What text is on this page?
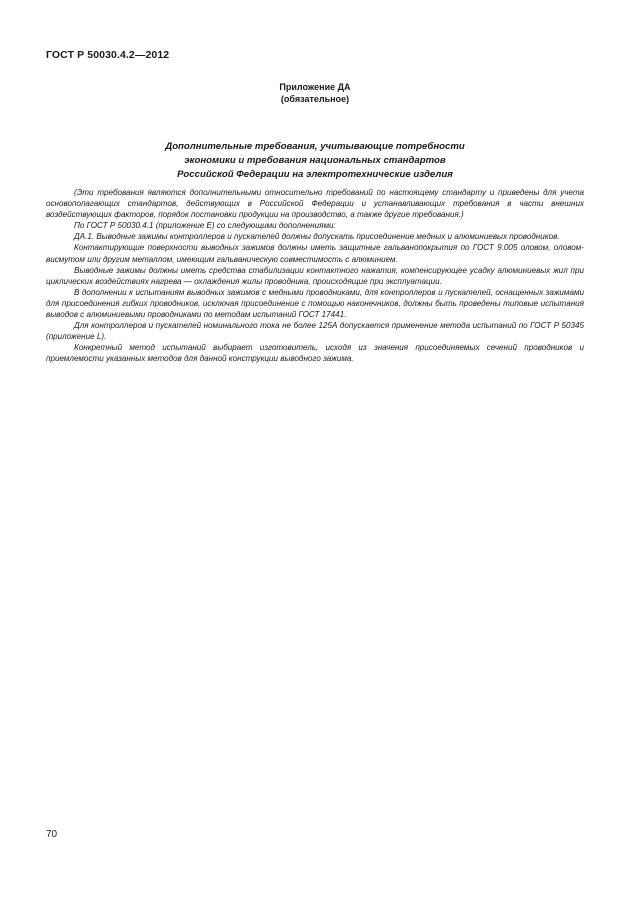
ГОСТ Р 50030.4.2—2012
Приложение ДА
(обязательное)
Дополнительные требования, учитывающие потребности
экономики и требования национальных стандартов
Российской Федерации на электротехнические изделия

(Эти требования являются дополнительными относительно требований по настоящему стандарту и приведены для учета основополагающих стандартов, действующих в Российской Федерации и устанавливающих требования в части внешних воздействующих факторов, порядок постановки продукции на производство, а также другие требования.)

По ГОСТ Р 50030.4.1 (приложение Е) со следующими дополнениями:

ДА.1. Выводные зажимы контроллеров и пускателей должны допускать присоединение медных и алюминиевых проводников.

Контактирующие поверхности выводных зажимов должны иметь защитные гальванопокрытия по ГОСТ 9.005 оловом, оловом-висмутом или другим металлом, имеющим гальваническую совместимость с алюминием.

Выводные зажимы должны иметь средства стабилизации контактного нажатия, компенсирующее усадку алюминиевых жил при циклических воздействиях нагрева — охлаждения жилы проводника, происходящие при эксплуатации.

В дополнении к испытаниям выводных зажимов с медными проводниками, для контроллеров и пускателей, оснащенных зажимами для присоединения гибких проводников, исключая присоединение с помощью наконечников, должны быть проведены типовые испытания выводов с алюминиевыми проводниками по методам испытаний ГОСТ 17441.

Для контроллеров и пускателей номинального тока не более 125А допускается применение метода испытаний по ГОСТ Р 50345 (приложение L).

Конкретный метод испытаний выбирает изготовитель, исходя из значения присоединяемых сечений проводников и приемлемости указанных методов для данной конструкции выводного зажима.

70
